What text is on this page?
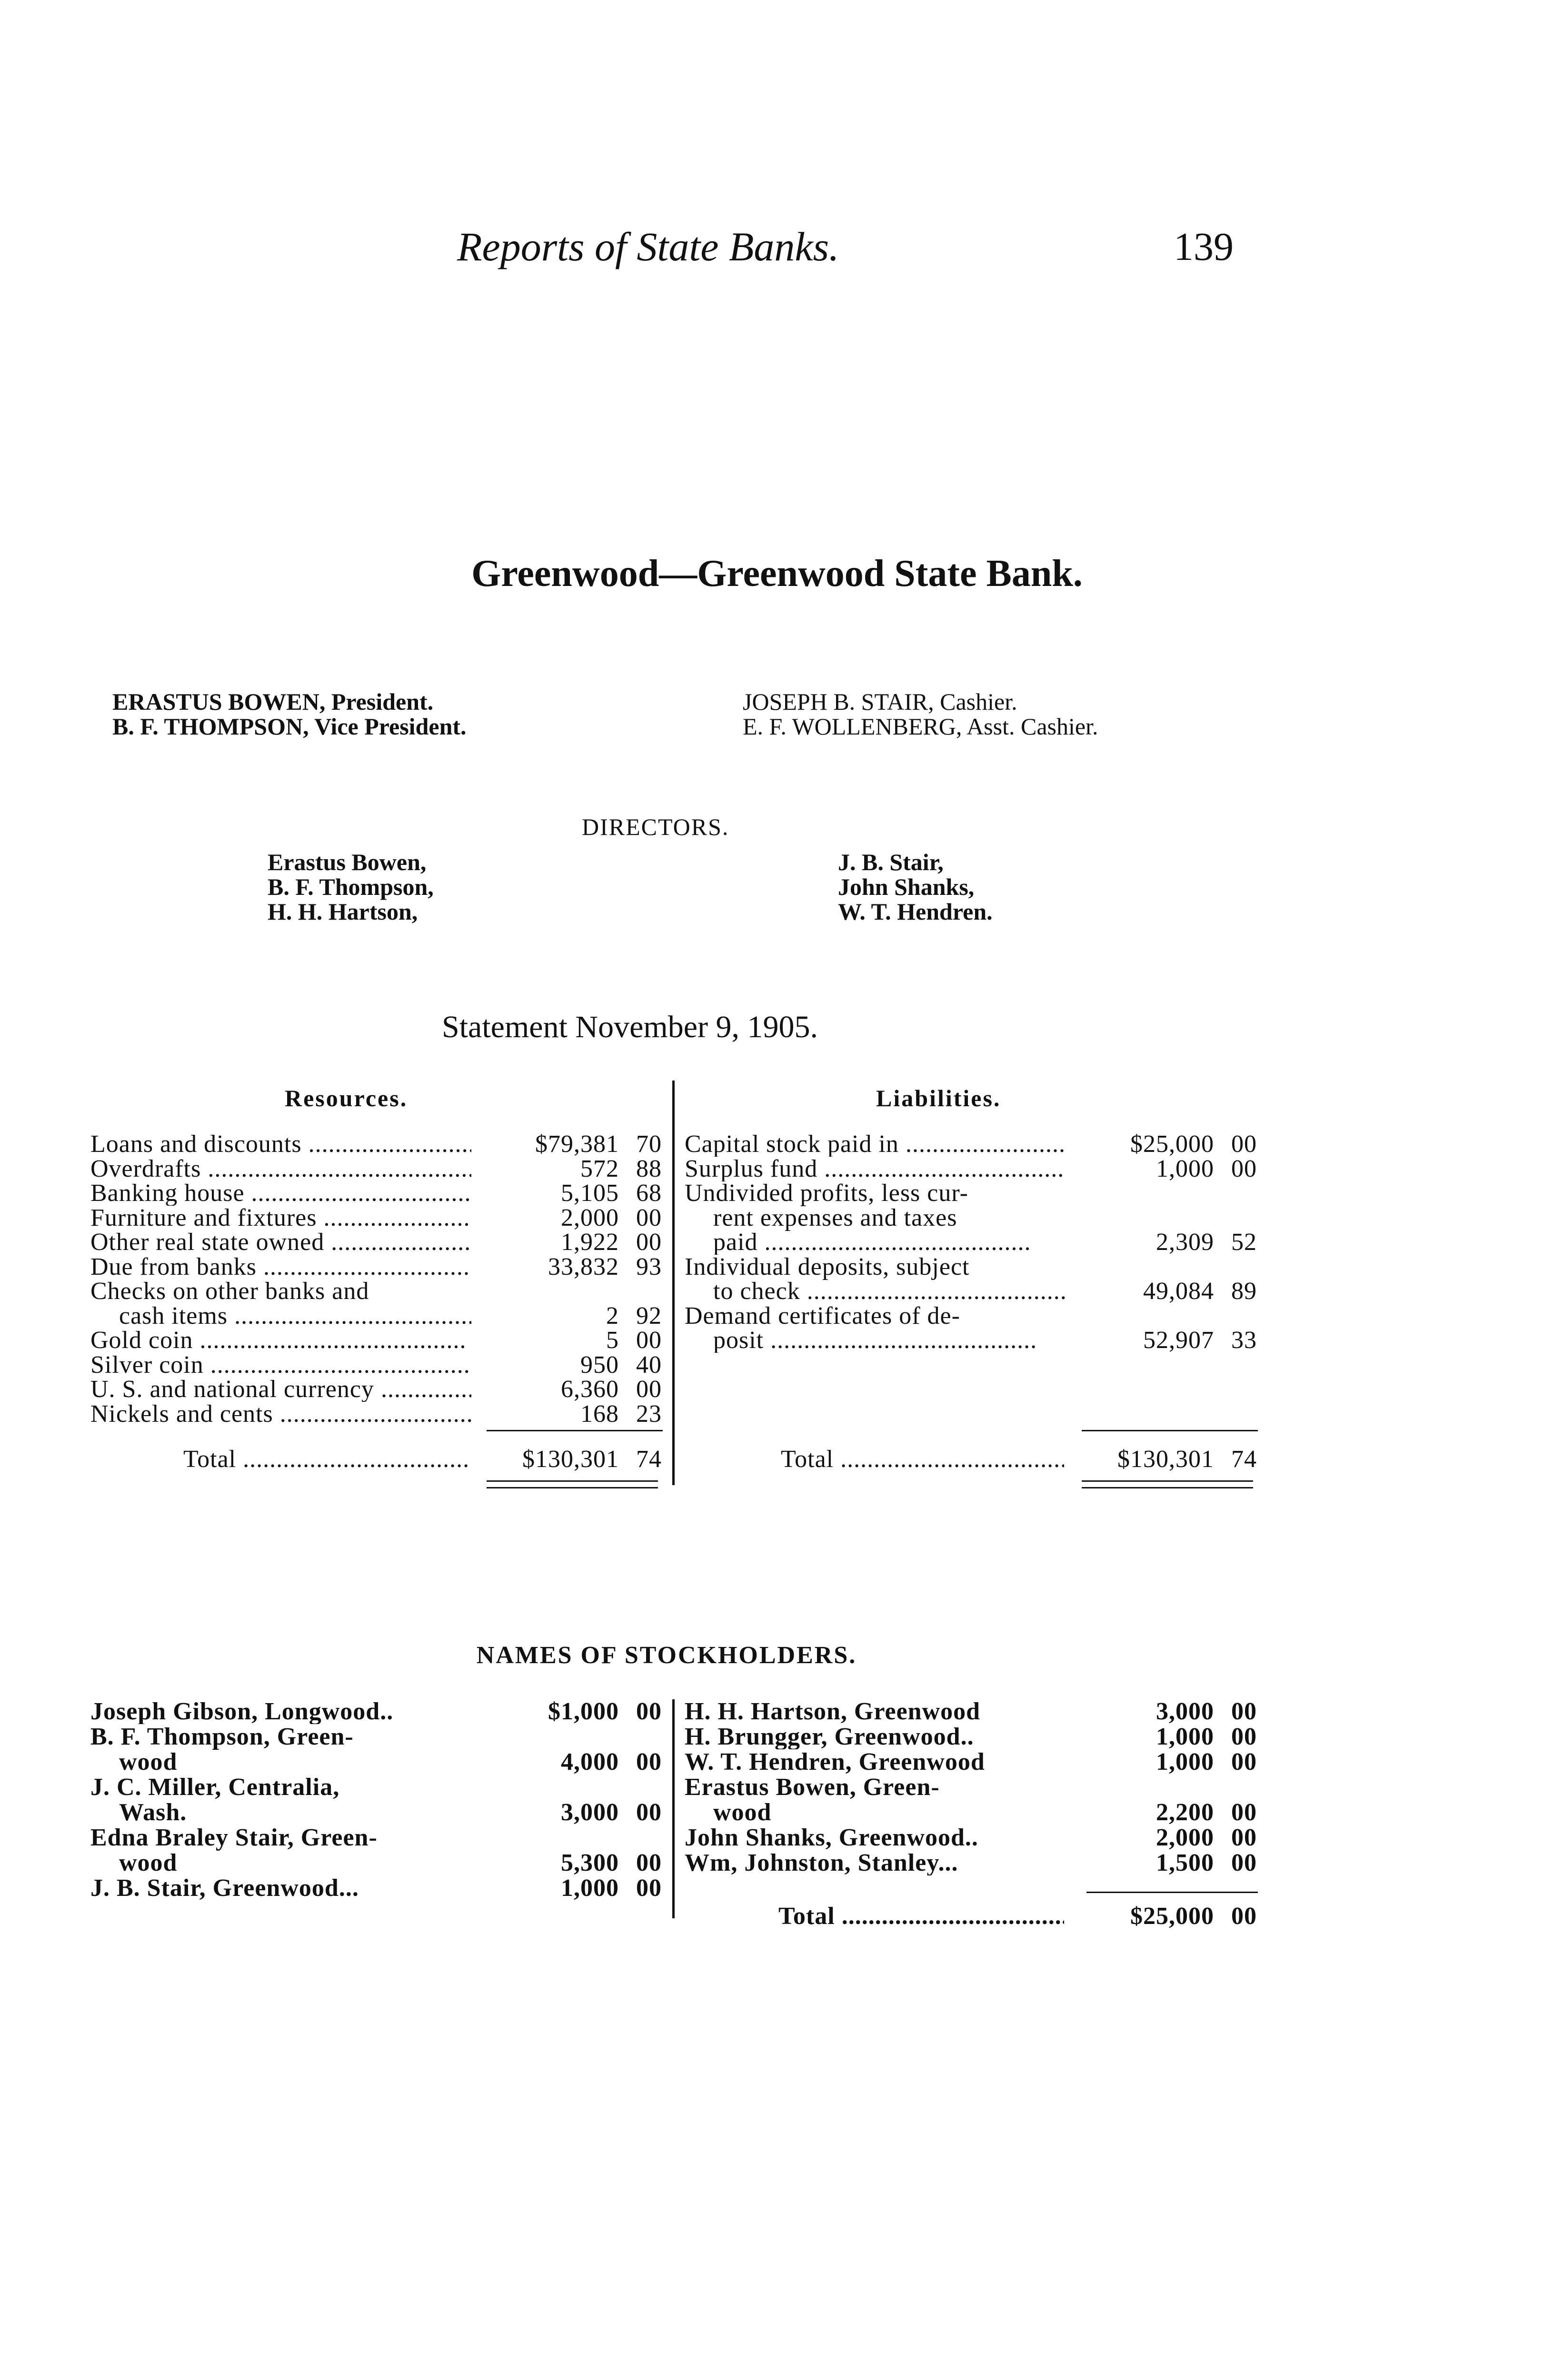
Reports of State Banks.	139
Greenwood—Greenwood State Bank.
ERASTUS BOWEN, President.
B. F. THOMPSON, Vice President.
JOSEPH B. STAIR, Cashier.
E. F. WOLLENBERG, Asst. Cashier.
DIRECTORS.
Erastus Bowen,
B. F. Thompson,
H. H. Hartson,
J. B. Stair,
John Shanks,
W. T. Hendren.
Statement November 9, 1905.
Resources.	Liabilities.
Loans and discounts .....	$79,381 70
Overdrafts .....	572 88
Banking house .....	5,105 68
Furniture and fixtures .....	2,000 00
Other real state owned .....	1,922 00
Due from banks .....	33,832 93
Checks on other banks and
cash items .....	2 92
Gold coin .....	5 00
Silver coin .....	950 40
U. S. and national currency .....	6,360 00
Nickels and cents .....	168 23
Capital stock paid in .....	$25,000 00
Surplus fund .....	1,000 00
Undivided profits, less cur-
rent expenses and taxes
paid .....	2,309 52
Individual deposits, subject
to check .....	49,084 89
Demand certificates of de-
posit .....	52,907 33
Total .....	$130,301 74	Total .....	$130,301 74
NAMES OF STOCKHOLDERS.
Joseph Gibson, Longwood..	$1,000 00
B. F. Thompson, Green-
wood	4,000 00
J. C. Miller, Centralia,
Wash.	3,000 00
Edna Braley Stair, Green-
wood	5,300 00
J. B. Stair, Greenwood...	1,000 00
H. H. Hartson, Greenwood	3,000 00
H. Brungger, Greenwood..	1,000 00
W. T. Hendren, Greenwood	1,000 00
Erastus Bowen, Green-
wood	2,200 00
John Shanks, Greenwood..	2,000 00
Wm, Johnston, Stanley...	1,500 00
Total .....	$25,000 00
